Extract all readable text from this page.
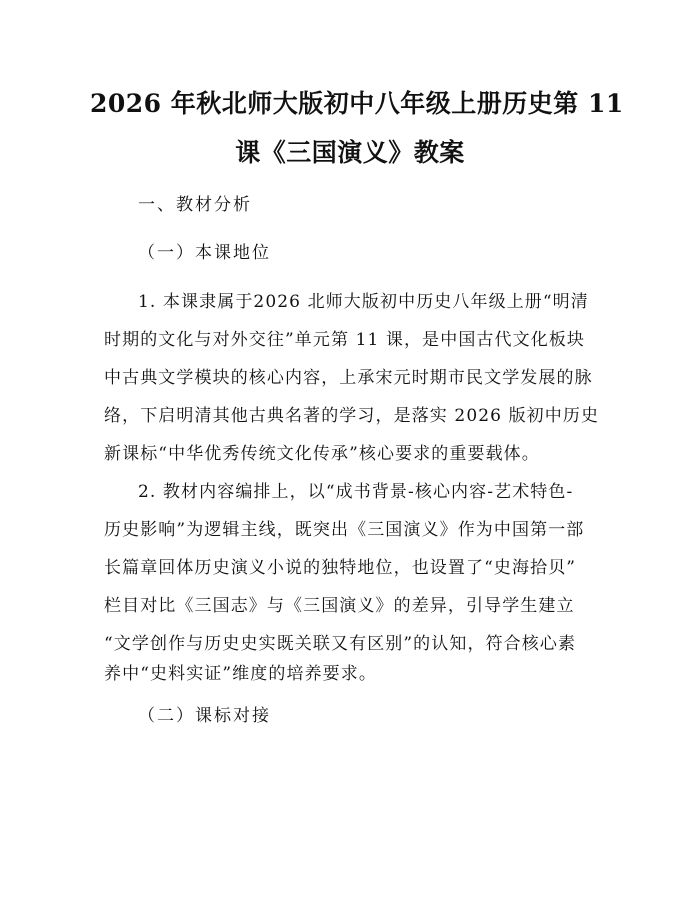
2026 年秋北师大版初中八年级上册历史第 11
课《三国演义》教案
一、教材分析
（一）本课地位
1. 本课隶属于2026 北师大版初中历史八年级上册“明清
时期的文化与对外交往”单元第 11 课，是中国古代文化板块
中古典文学模块的核心内容，上承宋元时期市民文学发展的脉
络，下启明清其他古典名著的学习，是落实 2026 版初中历史
新课标“中华优秀传统文化传承”核心要求的重要载体。
2. 教材内容编排上，以“成书背景-核心内容-艺术特色-
历史影响”为逻辑主线，既突出《三国演义》作为中国第一部
长篇章回体历史演义小说的独特地位，也设置了“史海拾贝”
栏目对比《三国志》与《三国演义》的差异，引导学生建立
“文学创作与历史史实既关联又有区别”的认知，符合核心素
养中“史料实证”维度的培养要求。
（二）课标对接
